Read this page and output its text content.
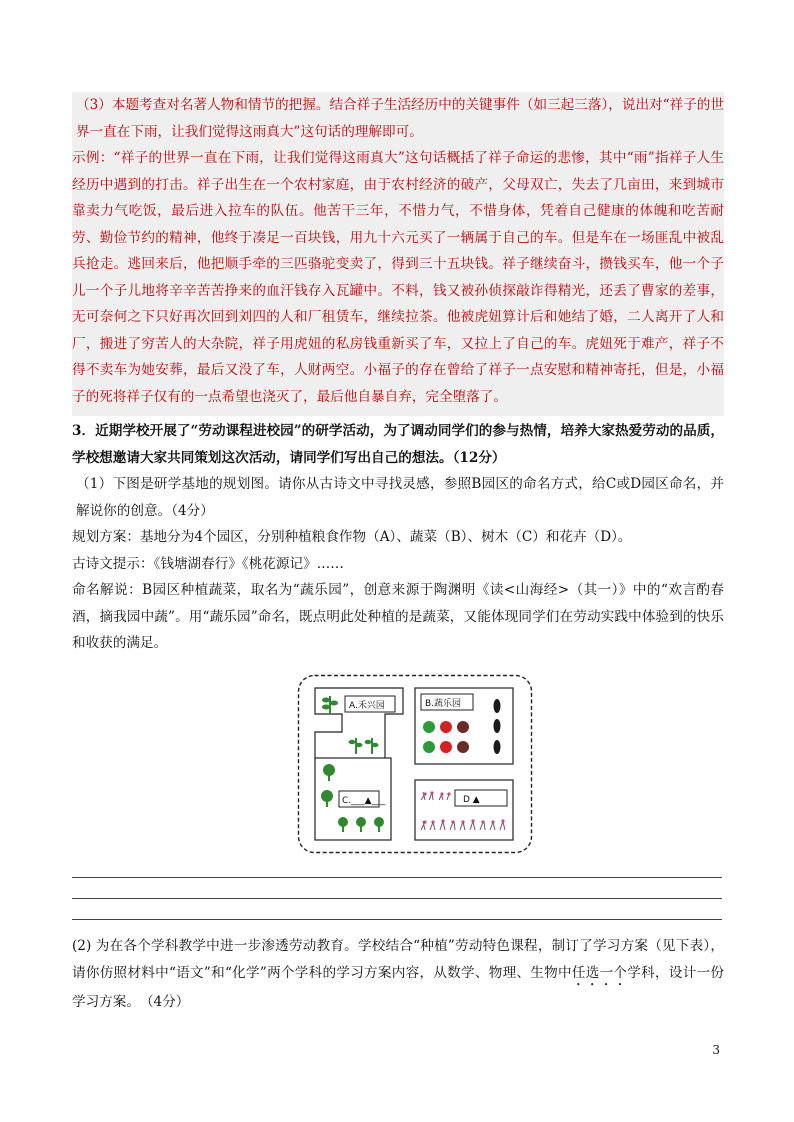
（3）本题考查对名著人物和情节的把握。结合祥子生活经历中的关键事件（如三起三落），说出对“祥子的世界一直在下雨，让我们觉得这雨真大”这句话的理解即可。

示例：“祥子的世界一直在下雨，让我们觉得这雨真大”这句话概括了祥子命运的悲惨，其中“雨”指祥子人生经历中遇到的打击。祥子出生在一个农村家庭，由于农村经济的破产，父母双亡，失去了几亩田，来到城市靠卖力气吃饭，最后进入拉车的队伍。他苦干三年，不惜力气，不惜身体，凭着自己健康的体魄和吃苦耐劳、勤俭节约的精神，他终于凑足一百块钱，用九十六元买了一辆属于自己的车。但是车在一场匪乱中被乱兵抢走。逃回来后，他把顺手牵的三匹骆驼变卖了，得到三十五块钱。祥子继续奋斗，攒钱买车，他一个子儿一个子儿地将辛辛苦苦挣来的血汗钱存入瓦罐中。不料，钱又被孙侦探敲诈得精光，还丢了曹家的差事，无可奈何之下只好再次回到刘四的人和厂租赁车，继续拉茶。他被虎妞算计后和她结了婚，二人离开了人和厂，搬进了穷苦人的大杂院，祥子用虎妞的私房钱重新买了车，又拉上了自己的车。虎妞死于难产，祥子不得不卖车为她安葬，最后又没了车，人财两空。小福子的存在曾给了祥子一点安慰和精神寄托，但是，小福子的死将祥子仅有的一点希望也浇灭了，最后他自暴自弃，完全堕落了。

3．近期学校开展了“劳动课程进校园”的研学活动，为了调动同学们的参与热情，培养大家热爱劳动的品质，学校想邀请大家共同策划这次活动，请同学们写出自己的想法。（12分）

（1）下图是研学基地的规划图。请你从古诗文中寻找灵感，参照B园区的命名方式，给C或D园区命名，并解说你的创意。（4分）

规划方案：基地分为4个园区，分别种植粮食作物（A）、蔬菜（B）、树木（C）和花卉（D）。

古诗文提示：《钱塘湖春行》《桃花源记》……

命名解说：B园区种植蔬菜，取名为“蔬乐园”，创意来源于陶渊明《读<山海经>（其一）》中的“欢言酌春酒，摘我园中蔬”。用“蔬乐园”命名，既点明此处种植的是蔬菜，又能体现同学们在劳动实践中体验到的快乐和收获的满足。

A.禾兴园	B.蔬乐园
C.___▲___	D ▲

(2) 为在各个学科教学中进一步渗透劳动教育。学校结合“种植”劳动特色课程，制订了学习方案（见下表），请你仿照材料中“语文”和“化学”两个学科的学习方案内容，从数学、物理、生物中任选一个学科，设计一份学习方案。　（4分）

3
